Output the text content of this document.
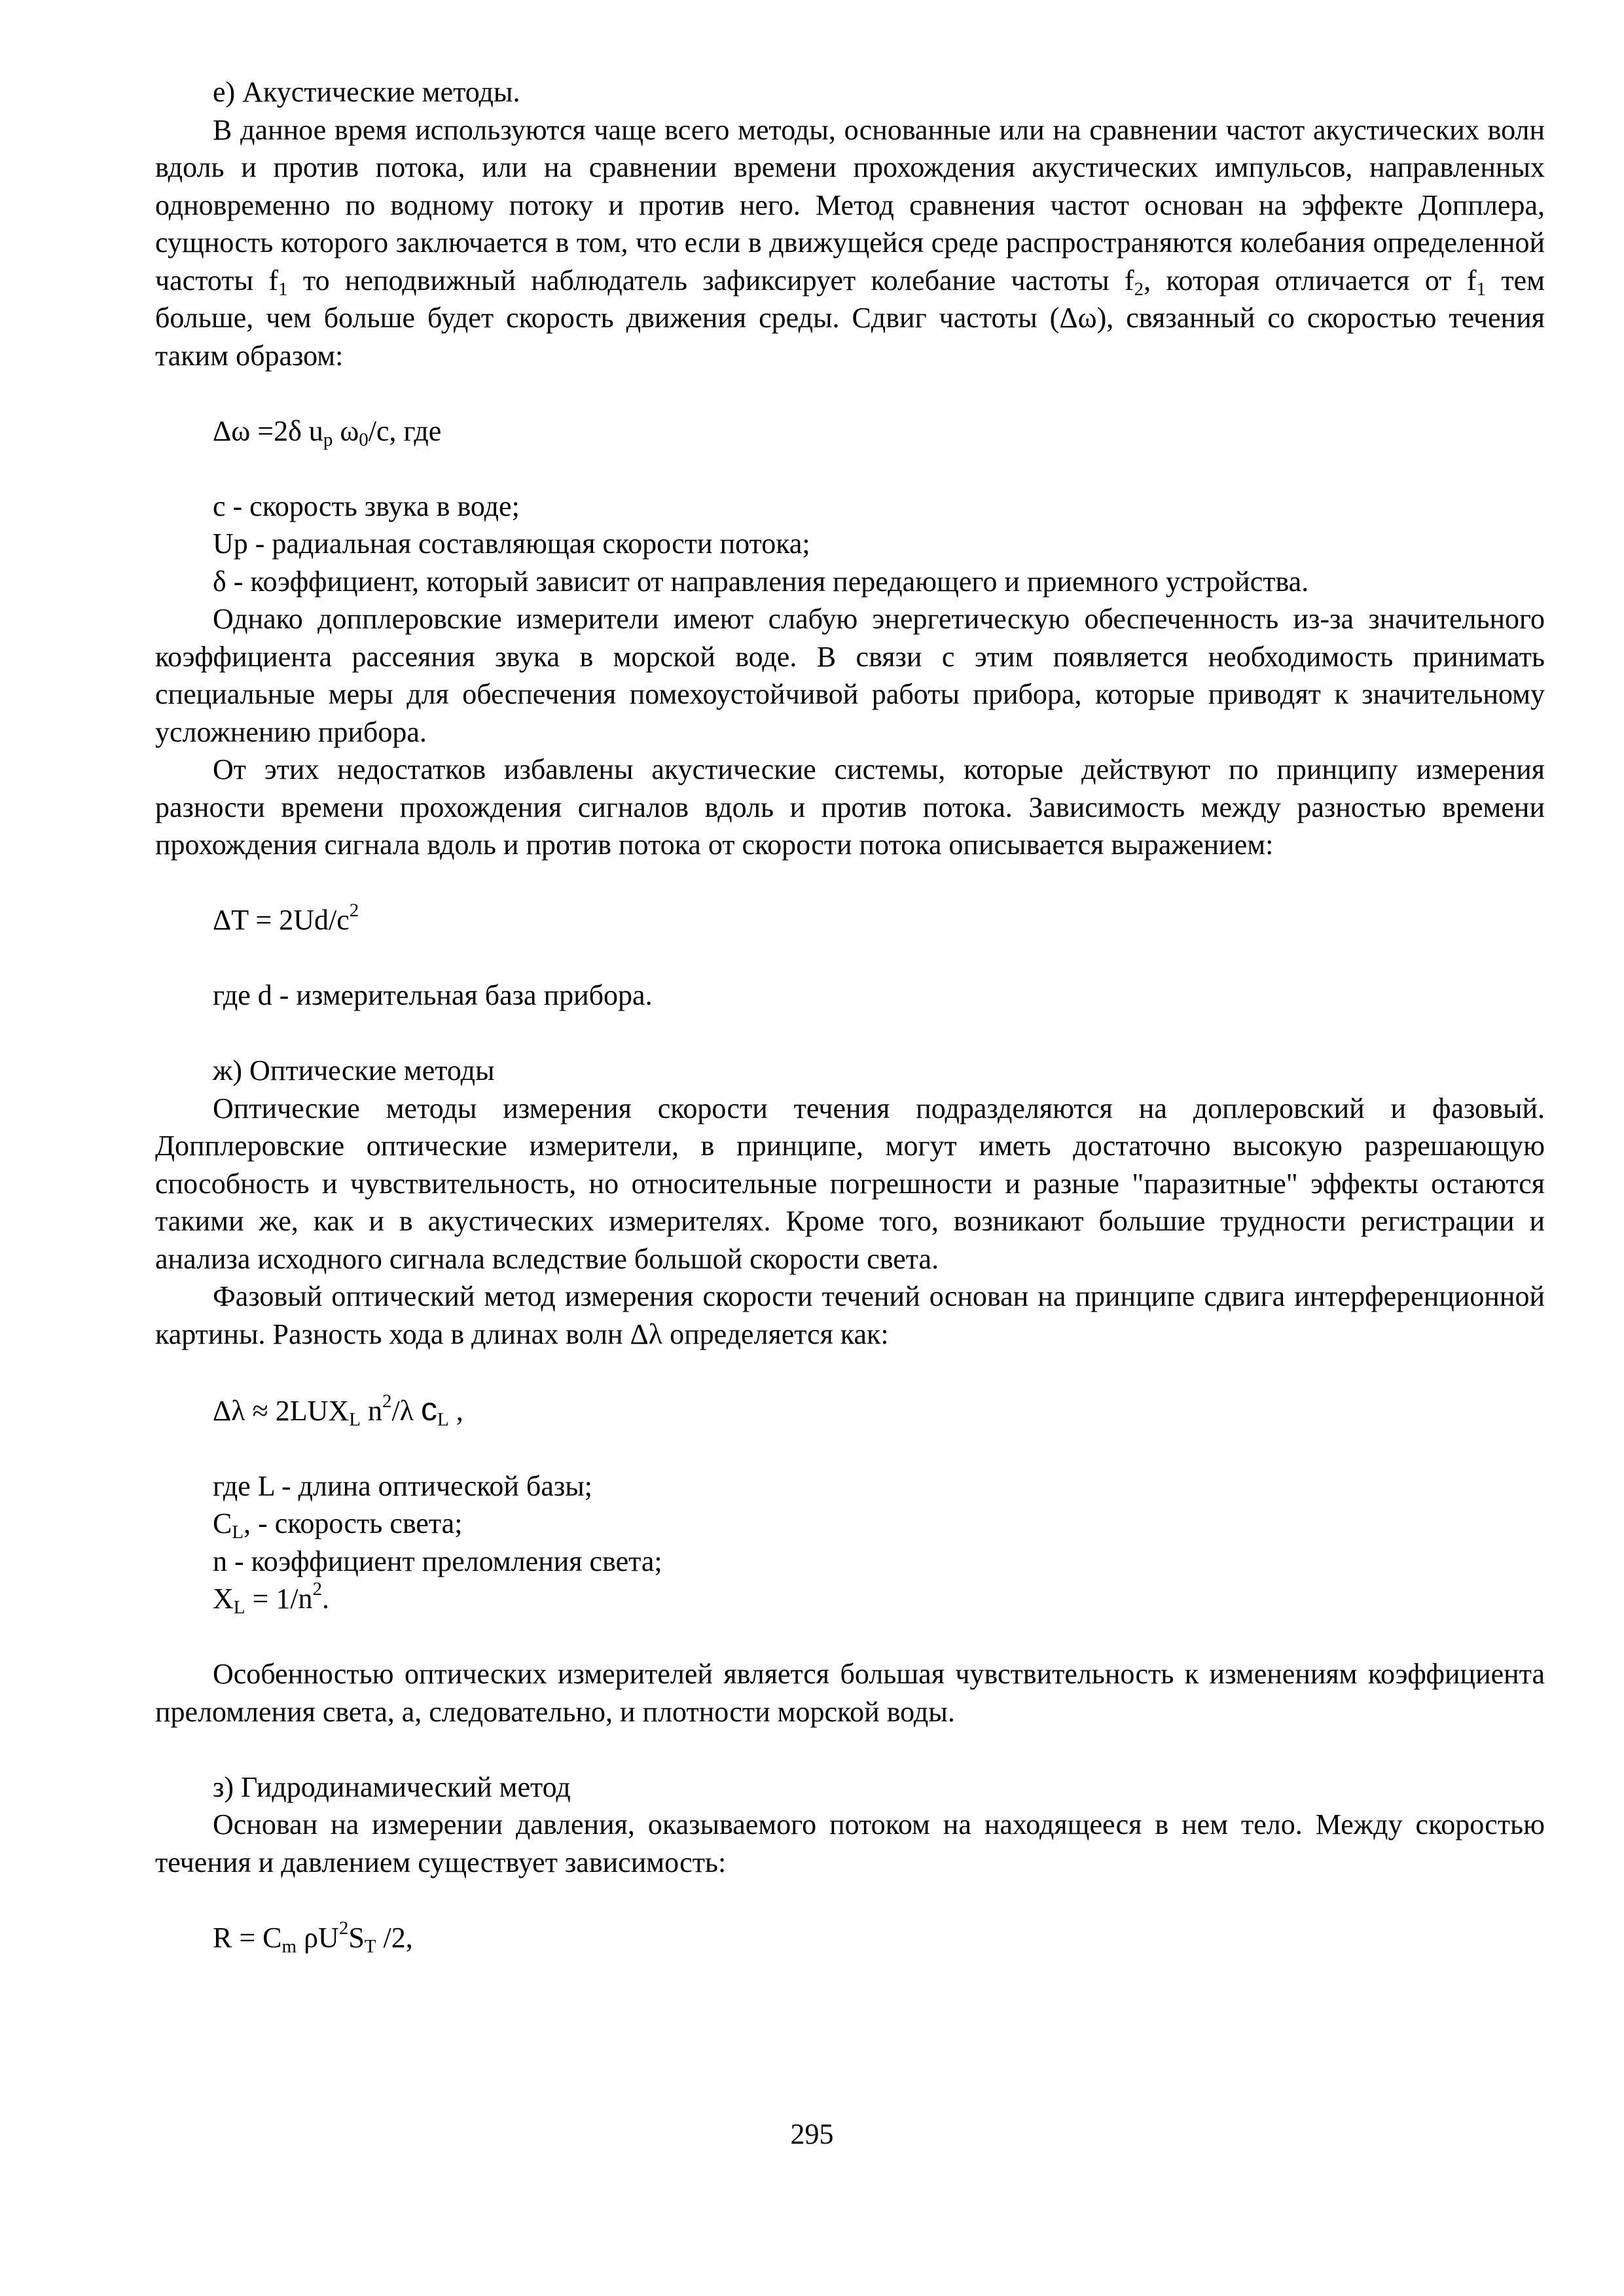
е) Акустические методы.

В данное время используются чаще всего методы, основанные или на сравнении частот акустических волн вдоль и против потока, или на сравнении времени прохождения акустических импульсов, направленных одновременно по водному потоку и против него. Метод сравнения частот основан на эффекте Допплера, сущность которого заключается в том, что если в движущейся среде распространяются колебания определенной частоты $f_1$ то неподвижный наблюдатель зафиксирует колебание частоты $f_2$, которая отличается от $f_1$ тем больше, чем больше будет скорость движения среды. Сдвиг частоты (Δω), связанный со скоростью течения таким образом:

Δω =2δ $u_p$ $\omega_0/c$, где

c - скорость звука в воде;

Up - радиальная составляющая скорости потока;

δ - коэффициент, который зависит от направления передающего и приемного устройства.

Однако допплеровские измерители имеют слабую энергетическую обеспеченность из-за значительного коэффициента рассеяния звука в морской воде. В связи с этим появляется необходимость принимать специальные меры для обеспечения помехоустойчивой работы прибора, которые приводят к значительному усложнению прибора.

От этих недостатков избавлены акустические системы, которые действуют по принципу измерения разности времени прохождения сигналов вдоль и против потока. Зависимость между разностью времени прохождения сигнала вдоль и против потока от скорости потока описывается выражением:

$\Delta T = 2Ud/c^2$

где d - измерительная база прибора.

ж) Оптические методы

Оптические методы измерения скорости течения подразделяются на доплеровский и фазовый. Допплеровские оптические измерители, в принципе, могут иметь достаточно высокую разрешающую способность и чувствительность, но относительные погрешности и разные "паразитные" эффекты остаются такими же, как и в акустических измерителях. Кроме того, возникают большие трудности регистрации и анализа исходного сигнала вследствие большой скорости света.

Фазовый оптический метод измерения скорости течений основан на принципе сдвига интерференционной картины. Разность хода в длинах волн Δλ определяется как:

$\Delta\lambda \approx 2LUX_L$ $n^2/\lambda$ $c_L$ ,

где L - длина оптической базы;

$C_L$, - скорость света;

n - коэффициент преломления света;

$X_L = 1/n^2$.

Особенностью оптических измерителей является большая чувствительность к изменениям коэффициента преломления света, а, следовательно, и плотности морской воды.

з) Гидродинамический метод

Основан на измерении давления, оказываемого потоком на находящееся в нем тело. Между скоростью течения и давлением существует зависимость:

$R = C_m$ $\rho U^2S_T$ /2,

295
